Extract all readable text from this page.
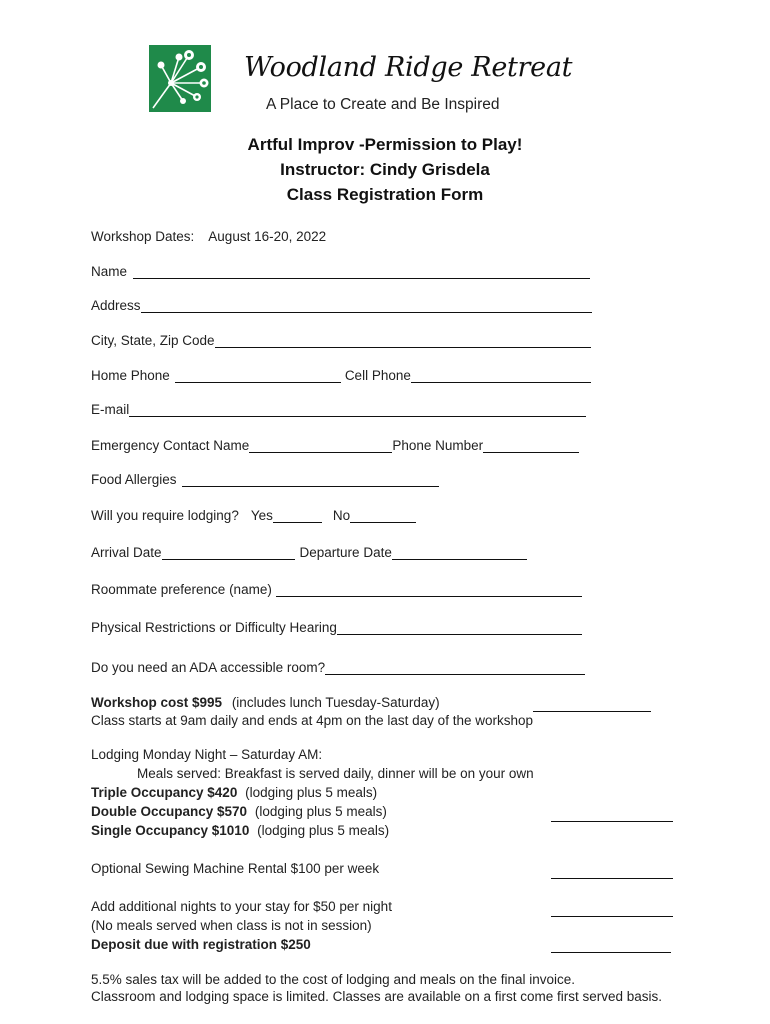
Woodland Ridge Retreat
A Place to Create and Be Inspired
Artful Improv -Permission to Play!
Instructor: Cindy Grisdela
Class Registration Form
Workshop Dates: August 16-20, 2022
Name
Address
City, State, Zip Code
Home Phone	Cell Phone
E-mail
Emergency Contact Name	Phone Number
Food Allergies
Will you require lodging? Yes	No
Arrival Date	Departure Date
Roommate preference (name)
Physical Restrictions or Difficulty Hearing
Do you need an ADA accessible room?
Workshop cost $995 (includes lunch Tuesday-Saturday)
Class starts at 9am daily and ends at 4pm on the last day of the workshop
Lodging Monday Night – Saturday AM:
Meals served: Breakfast is served daily, dinner will be on your own
Triple Occupancy $420 (lodging plus 5 meals)
Double Occupancy $570 (lodging plus 5 meals)
Single Occupancy $1010 (lodging plus 5 meals)
Optional Sewing Machine Rental $100 per week
Add additional nights to your stay for $50 per night
(No meals served when class is not in session)
Deposit due with registration $250
5.5% sales tax will be added to the cost of lodging and meals on the final invoice.
Classroom and lodging space is limited. Classes are available on a first come first served basis.
